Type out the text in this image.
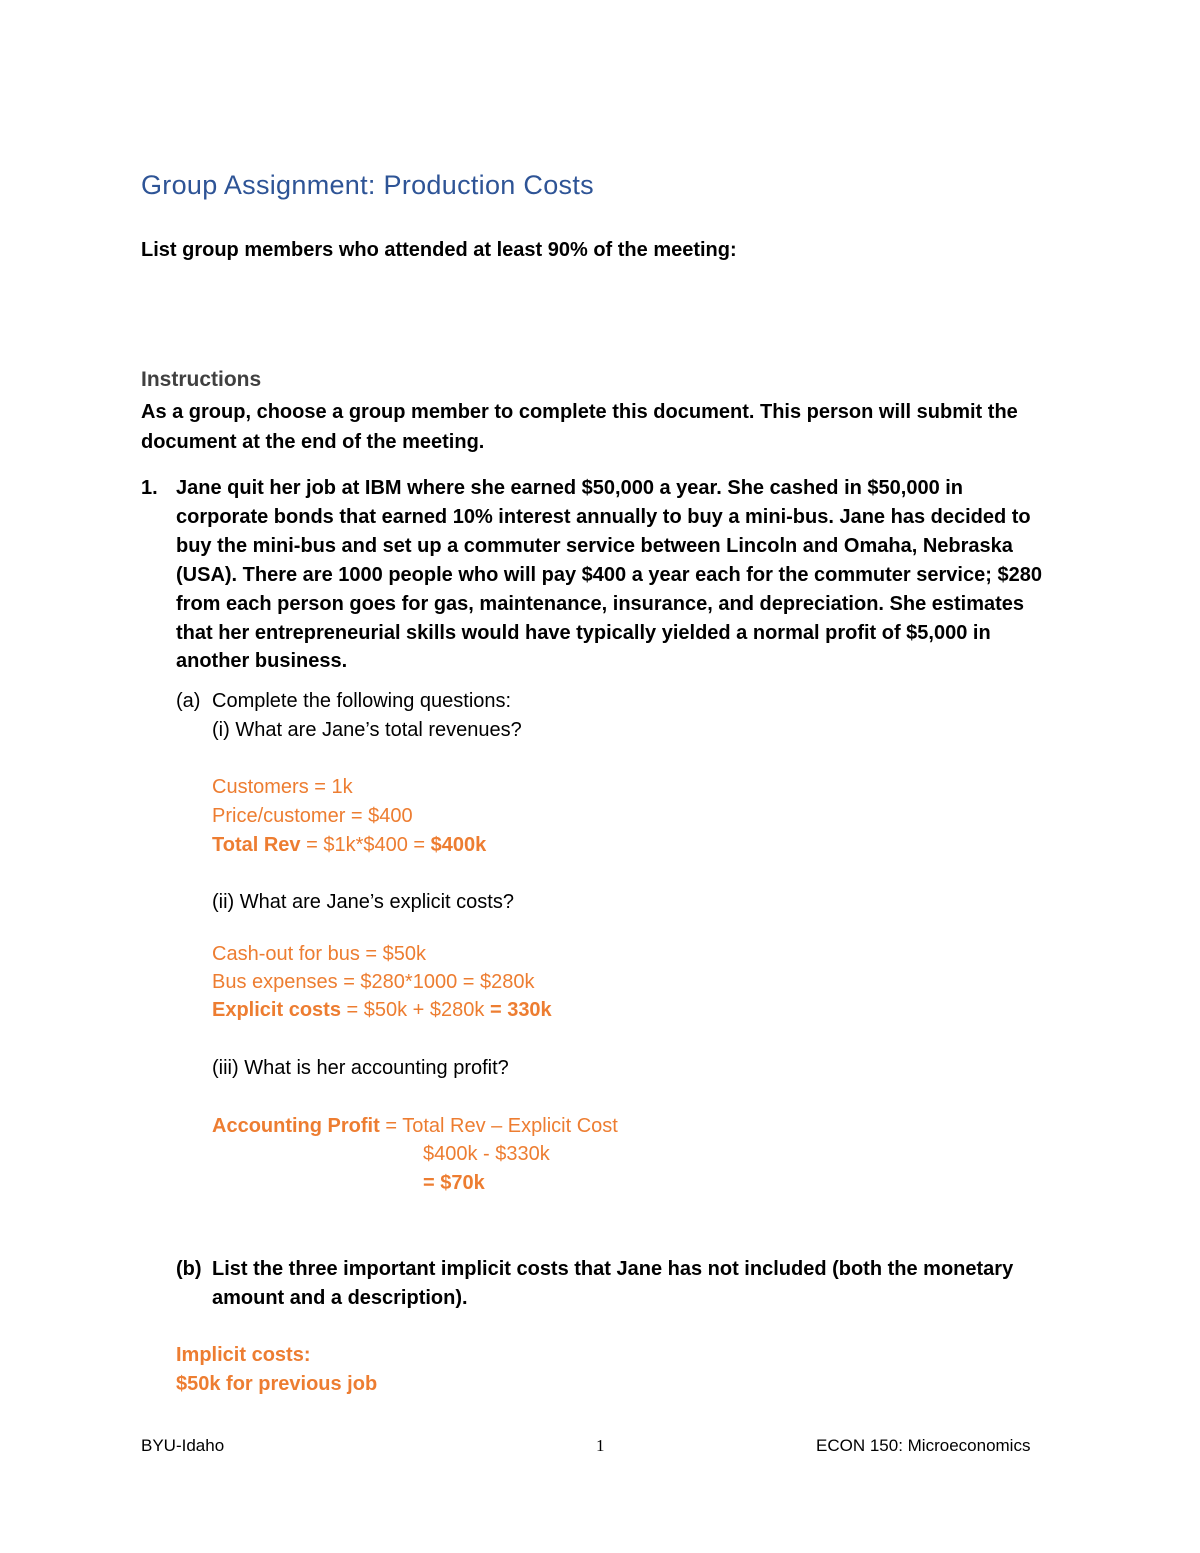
Group Assignment: Production Costs
List group members who attended at least 90% of the meeting:
Instructions
As a group, choose a group member to complete this document. This person will submit the
document at the end of the meeting.
1. Jane quit her job at IBM where she earned $50,000 a year. She cashed in $50,000 in
corporate bonds that earned 10% interest annually to buy a mini-bus. Jane has decided to
buy the mini-bus and set up a commuter service between Lincoln and Omaha, Nebraska
(USA). There are 1000 people who will pay $400 a year each for the commuter service; $280
from each person goes for gas, maintenance, insurance, and depreciation. She estimates
that her entrepreneurial skills would have typically yielded a normal profit of $5,000 in
another business.
(a) Complete the following questions:
(i) What are Jane’s total revenues?
Customers = 1k
Price/customer = $400
Total Rev = $1k*$400 = $400k
(ii) What are Jane’s explicit costs?
Cash-out for bus = $50k
Bus expenses = $280*1000 = $280k
Explicit costs = $50k + $280k = 330k
(iii) What is her accounting profit?
Accounting Profit = Total Rev – Explicit Cost
$400k - $330k
= $70k
(b) List the three important implicit costs that Jane has not included (both the monetary
amount and a description).
Implicit costs:
$50k for previous job
BYU-Idaho	1	ECON 150: Microeconomics
